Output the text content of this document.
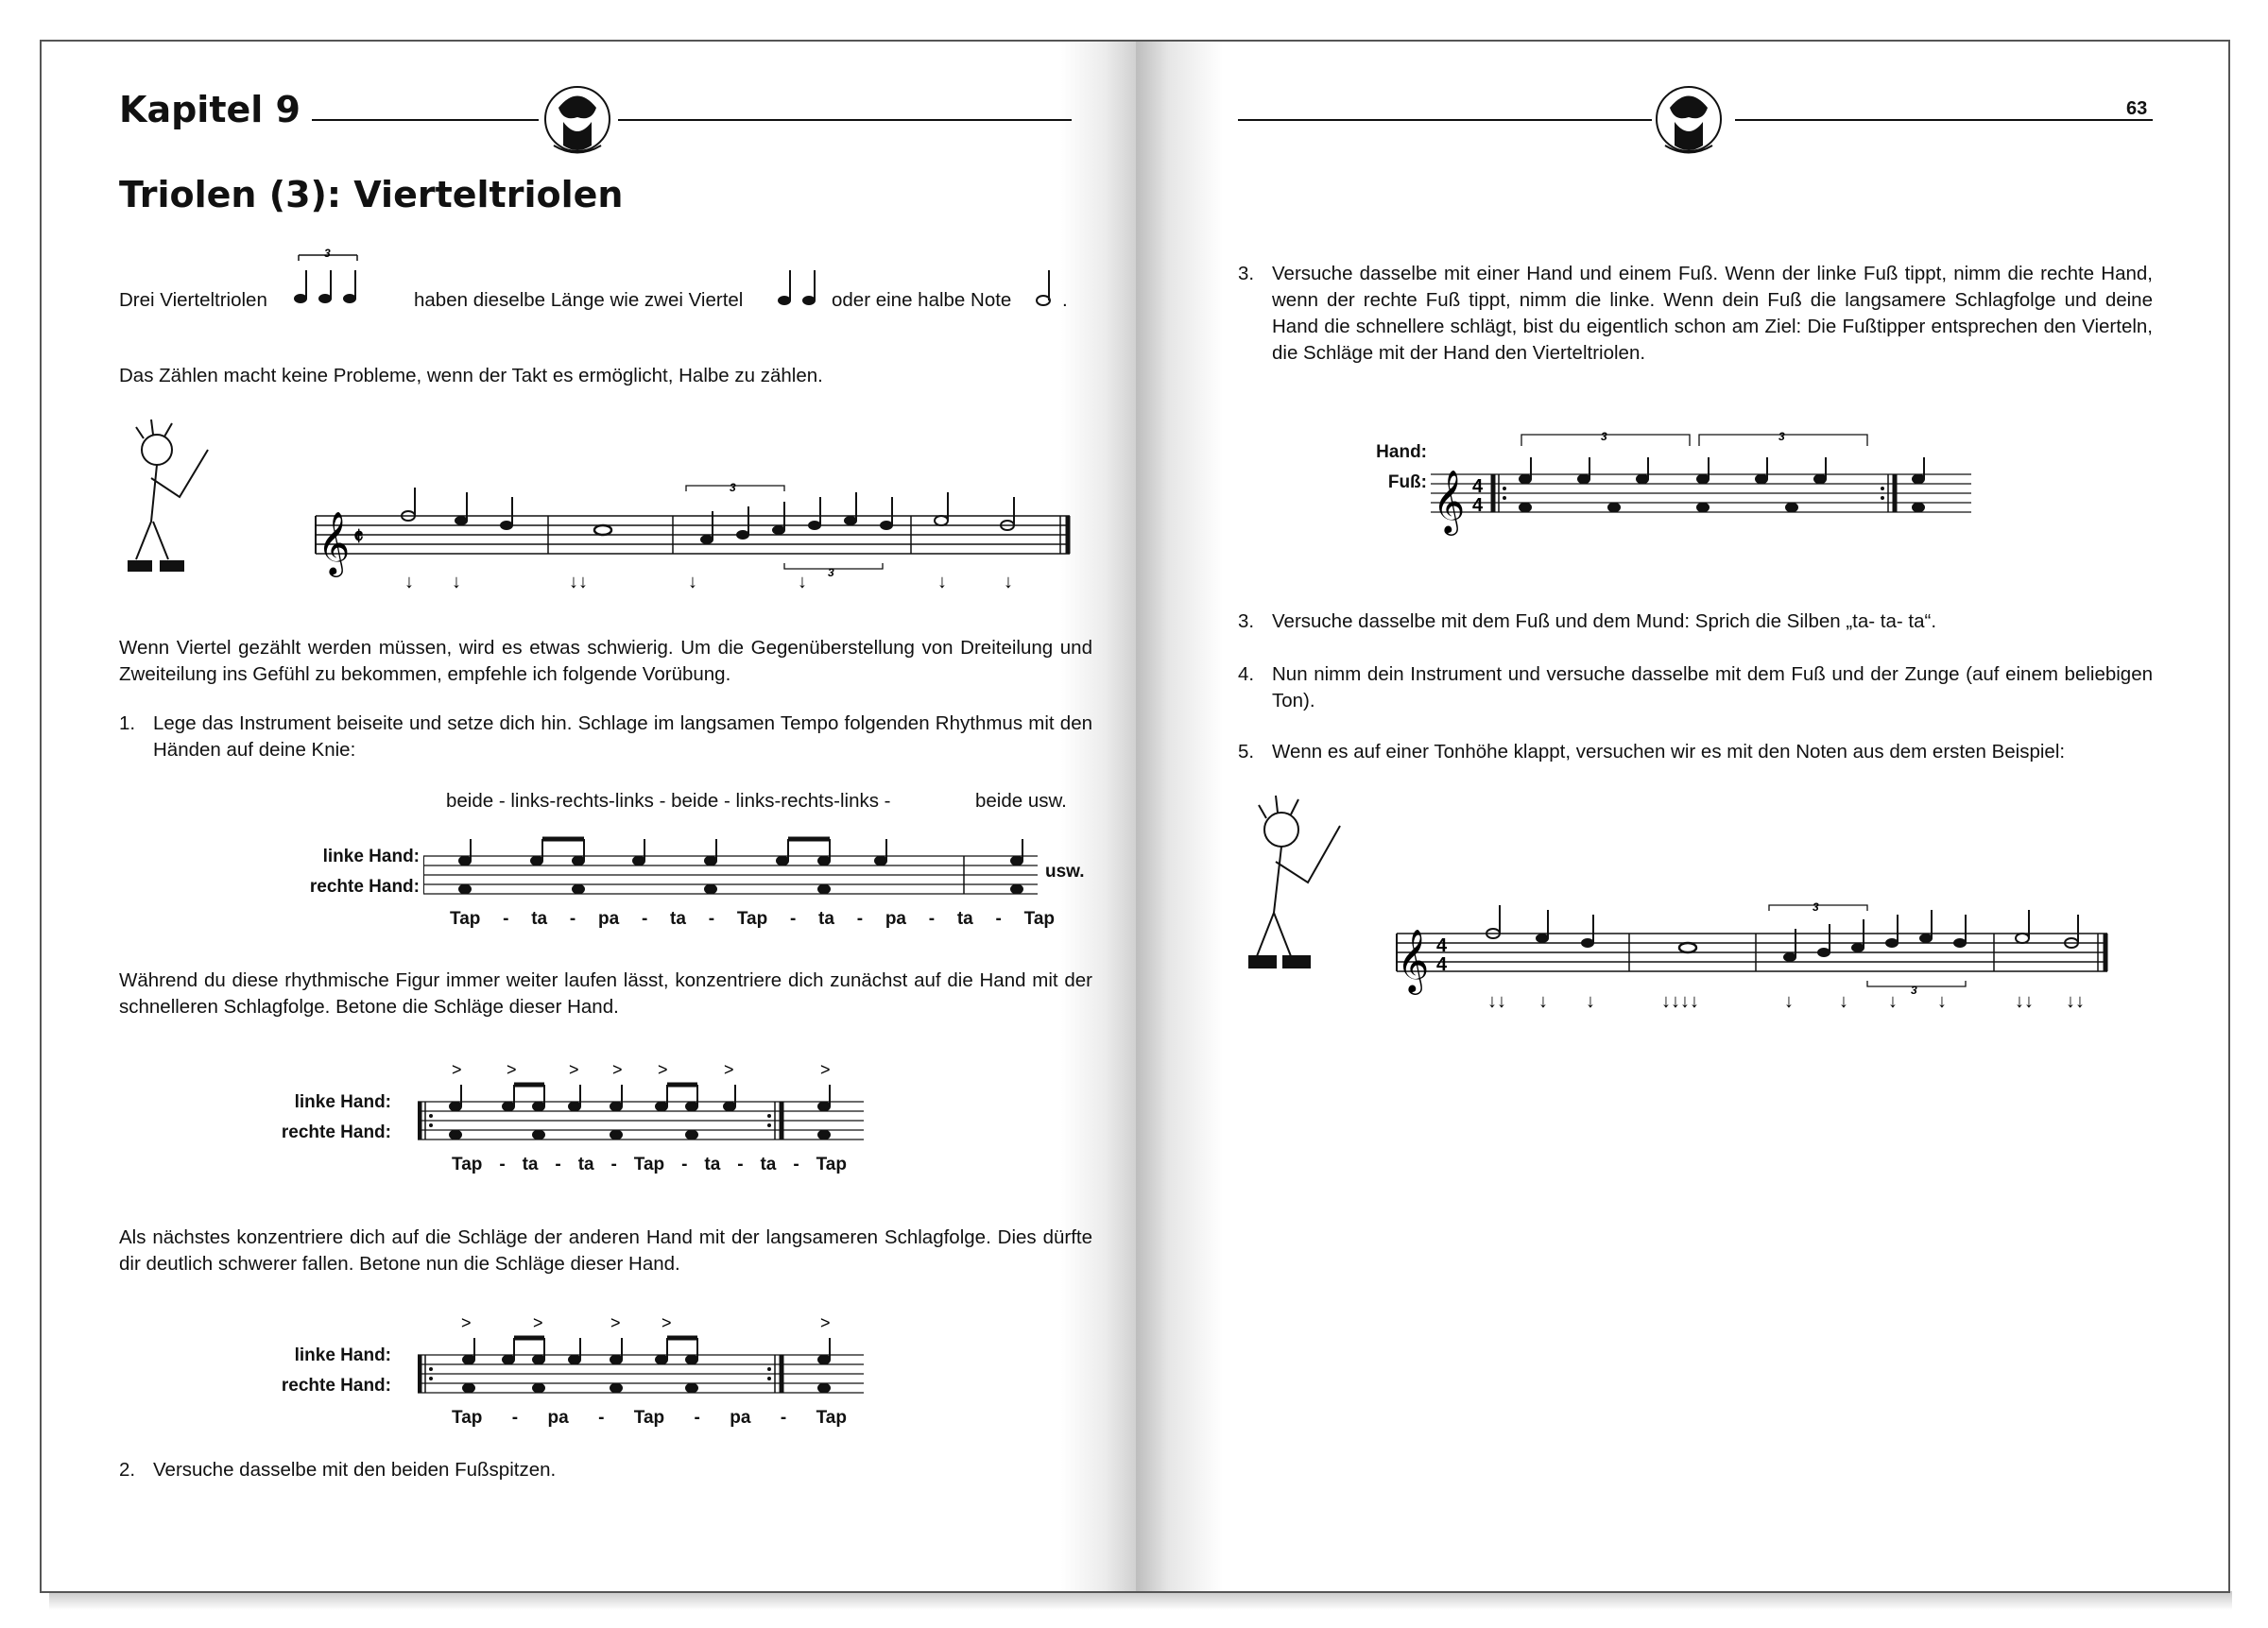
Kapitel 9
Triolen (3): Vierteltriolen
Drei Vierteltriolen
3
haben dieselbe Länge wie zwei Viertel	oder eine halbe Note	.
Das Zählen macht keine Probleme, wenn der Takt es ermöglicht, Halbe zu zählen.
𝄞 𝄵
3
3
↓ ↓	↓↓	↓	↓	↓	↓
Wenn Viertel gezählt werden müssen, wird es etwas schwierig. Um die Gegenüberstellung von Dreiteilung und Zweiteilung ins Gefühl zu bekommen, empfehle ich folgende Vorübung.
1. Lege das Instrument beiseite und setze dich hin. Schlage im langsamen Tempo folgenden Rhythmus mit den Händen auf deine Knie:
beide - links-rechts-links - beide - links-rechts-links -	beide usw.
linke Hand:
rechte Hand:
usw.
Tap - ta - pa - ta - Tap - ta - pa - ta - Tap
Während du diese rhythmische Figur immer weiter laufen lässt, konzentriere dich zunächst auf die Hand mit der schnelleren Schlagfolge. Betone die Schläge dieser Hand.
linke Hand:
rechte Hand:
>	>	> > >	>	>
Tap - ta - ta - Tap - ta - ta - Tap
Als nächstes konzentriere dich auf die Schläge der anderen Hand mit der langsameren Schlagfolge. Dies dürfte dir deutlich schwerer fallen. Betone nun die Schläge dieser Hand.
linke Hand:
rechte Hand:
>	>	> >	>
Tap - pa - Tap - pa - Tap
2. Versuche dasselbe mit den beiden Fußspitzen.
63
3. Versuche dasselbe mit einer Hand und einem Fuß. Wenn der linke Fuß tippt, nimm die rechte Hand, wenn der rechte Fuß tippt, nimm die linke. Wenn dein Fuß die langsamere Schlagfolge und deine Hand die schnellere schlägt, bist du eigentlich schon am Ziel: Die Fußtipper entsprechen den Vierteln, die Schläge mit der Hand den Vierteltriolen.
Hand:
Fuß: 𝄞 4
4
3	3
3. Versuche dasselbe mit dem Fuß und dem Mund: Sprich die Silben „ta- ta- ta“.
4. Nun nimm dein Instrument und versuche dasselbe mit dem Fuß und der Zunge (auf einem beliebigen Ton).
5. Wenn es auf einer Tonhöhe klappt, versuchen wir es mit den Noten aus dem ersten Beispiel:
𝄞 4
4
3
3
↓↓ ↓ ↓	↓↓↓↓	↓ ↓ ↓ ↓	↓↓ ↓↓
